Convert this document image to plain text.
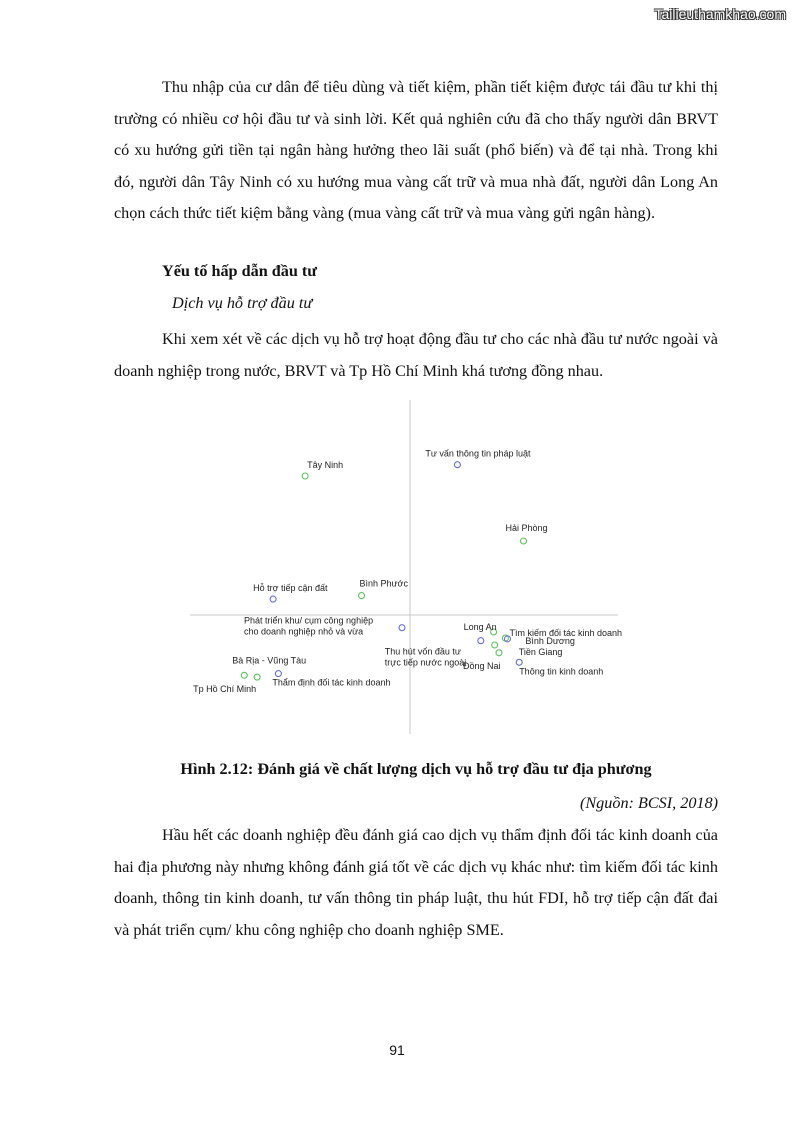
Tailieuthamkhao.com

Thu nhập của cư dân để tiêu dùng và tiết kiệm, phần tiết kiệm được tái đầu tư khi thị trường có nhiều cơ hội đầu tư và sinh lời. Kết quả nghiên cứu đã cho thấy người dân BRVT có xu hướng gửi tiền tại ngân hàng hưởng theo lãi suất (phổ biến) và để tại nhà. Trong khi đó, người dân Tây Ninh có xu hướng mua vàng cất trữ và mua nhà đất, người dân Long An chọn cách thức tiết kiệm bằng vàng (mua vàng cất trữ và mua vàng gửi ngân hàng).

Yếu tố hấp dẫn đầu tư

Dịch vụ hỗ trợ đầu tư

Khi xem xét về các dịch vụ hỗ trợ hoạt động đầu tư cho các nhà đầu tư nước ngoài và doanh nghiệp trong nước, BRVT và Tp Hồ Chí Minh khá tương đồng nhau.

Tây Ninh
Hải Phòng
Bình Phước
Long An
Bình Dương
Tiền Giang
Đồng Nai
Bà Rịa - Vũng Tàu
Tp Hồ Chí Minh
Tư vấn thông tin pháp luật
Hỗ trợ tiếp cận đất
Phát triển khu/ cụm công nghiệp cho doanh nghiệp nhỏ và vừa	Tìm kiếm đối tác kinh doanh
Thu hút vốn đầu tư trực tiếp nước ngoài
Thông tin kinh doanh
Thẩm định đối tác kinh doanh

Hình 2.12: Đánh giá về chất lượng dịch vụ hỗ trợ đầu tư địa phương

(Nguồn: BCSI, 2018)

Hầu hết các doanh nghiệp đều đánh giá cao dịch vụ thẩm định đối tác kinh doanh của hai địa phương này nhưng không đánh giá tốt về các dịch vụ khác như: tìm kiếm đối tác kinh doanh, thông tin kinh doanh, tư vấn thông tin pháp luật, thu hút FDI, hỗ trợ tiếp cận đất đai và phát triển cụm/ khu công nghiệp cho doanh nghiệp SME.

91
